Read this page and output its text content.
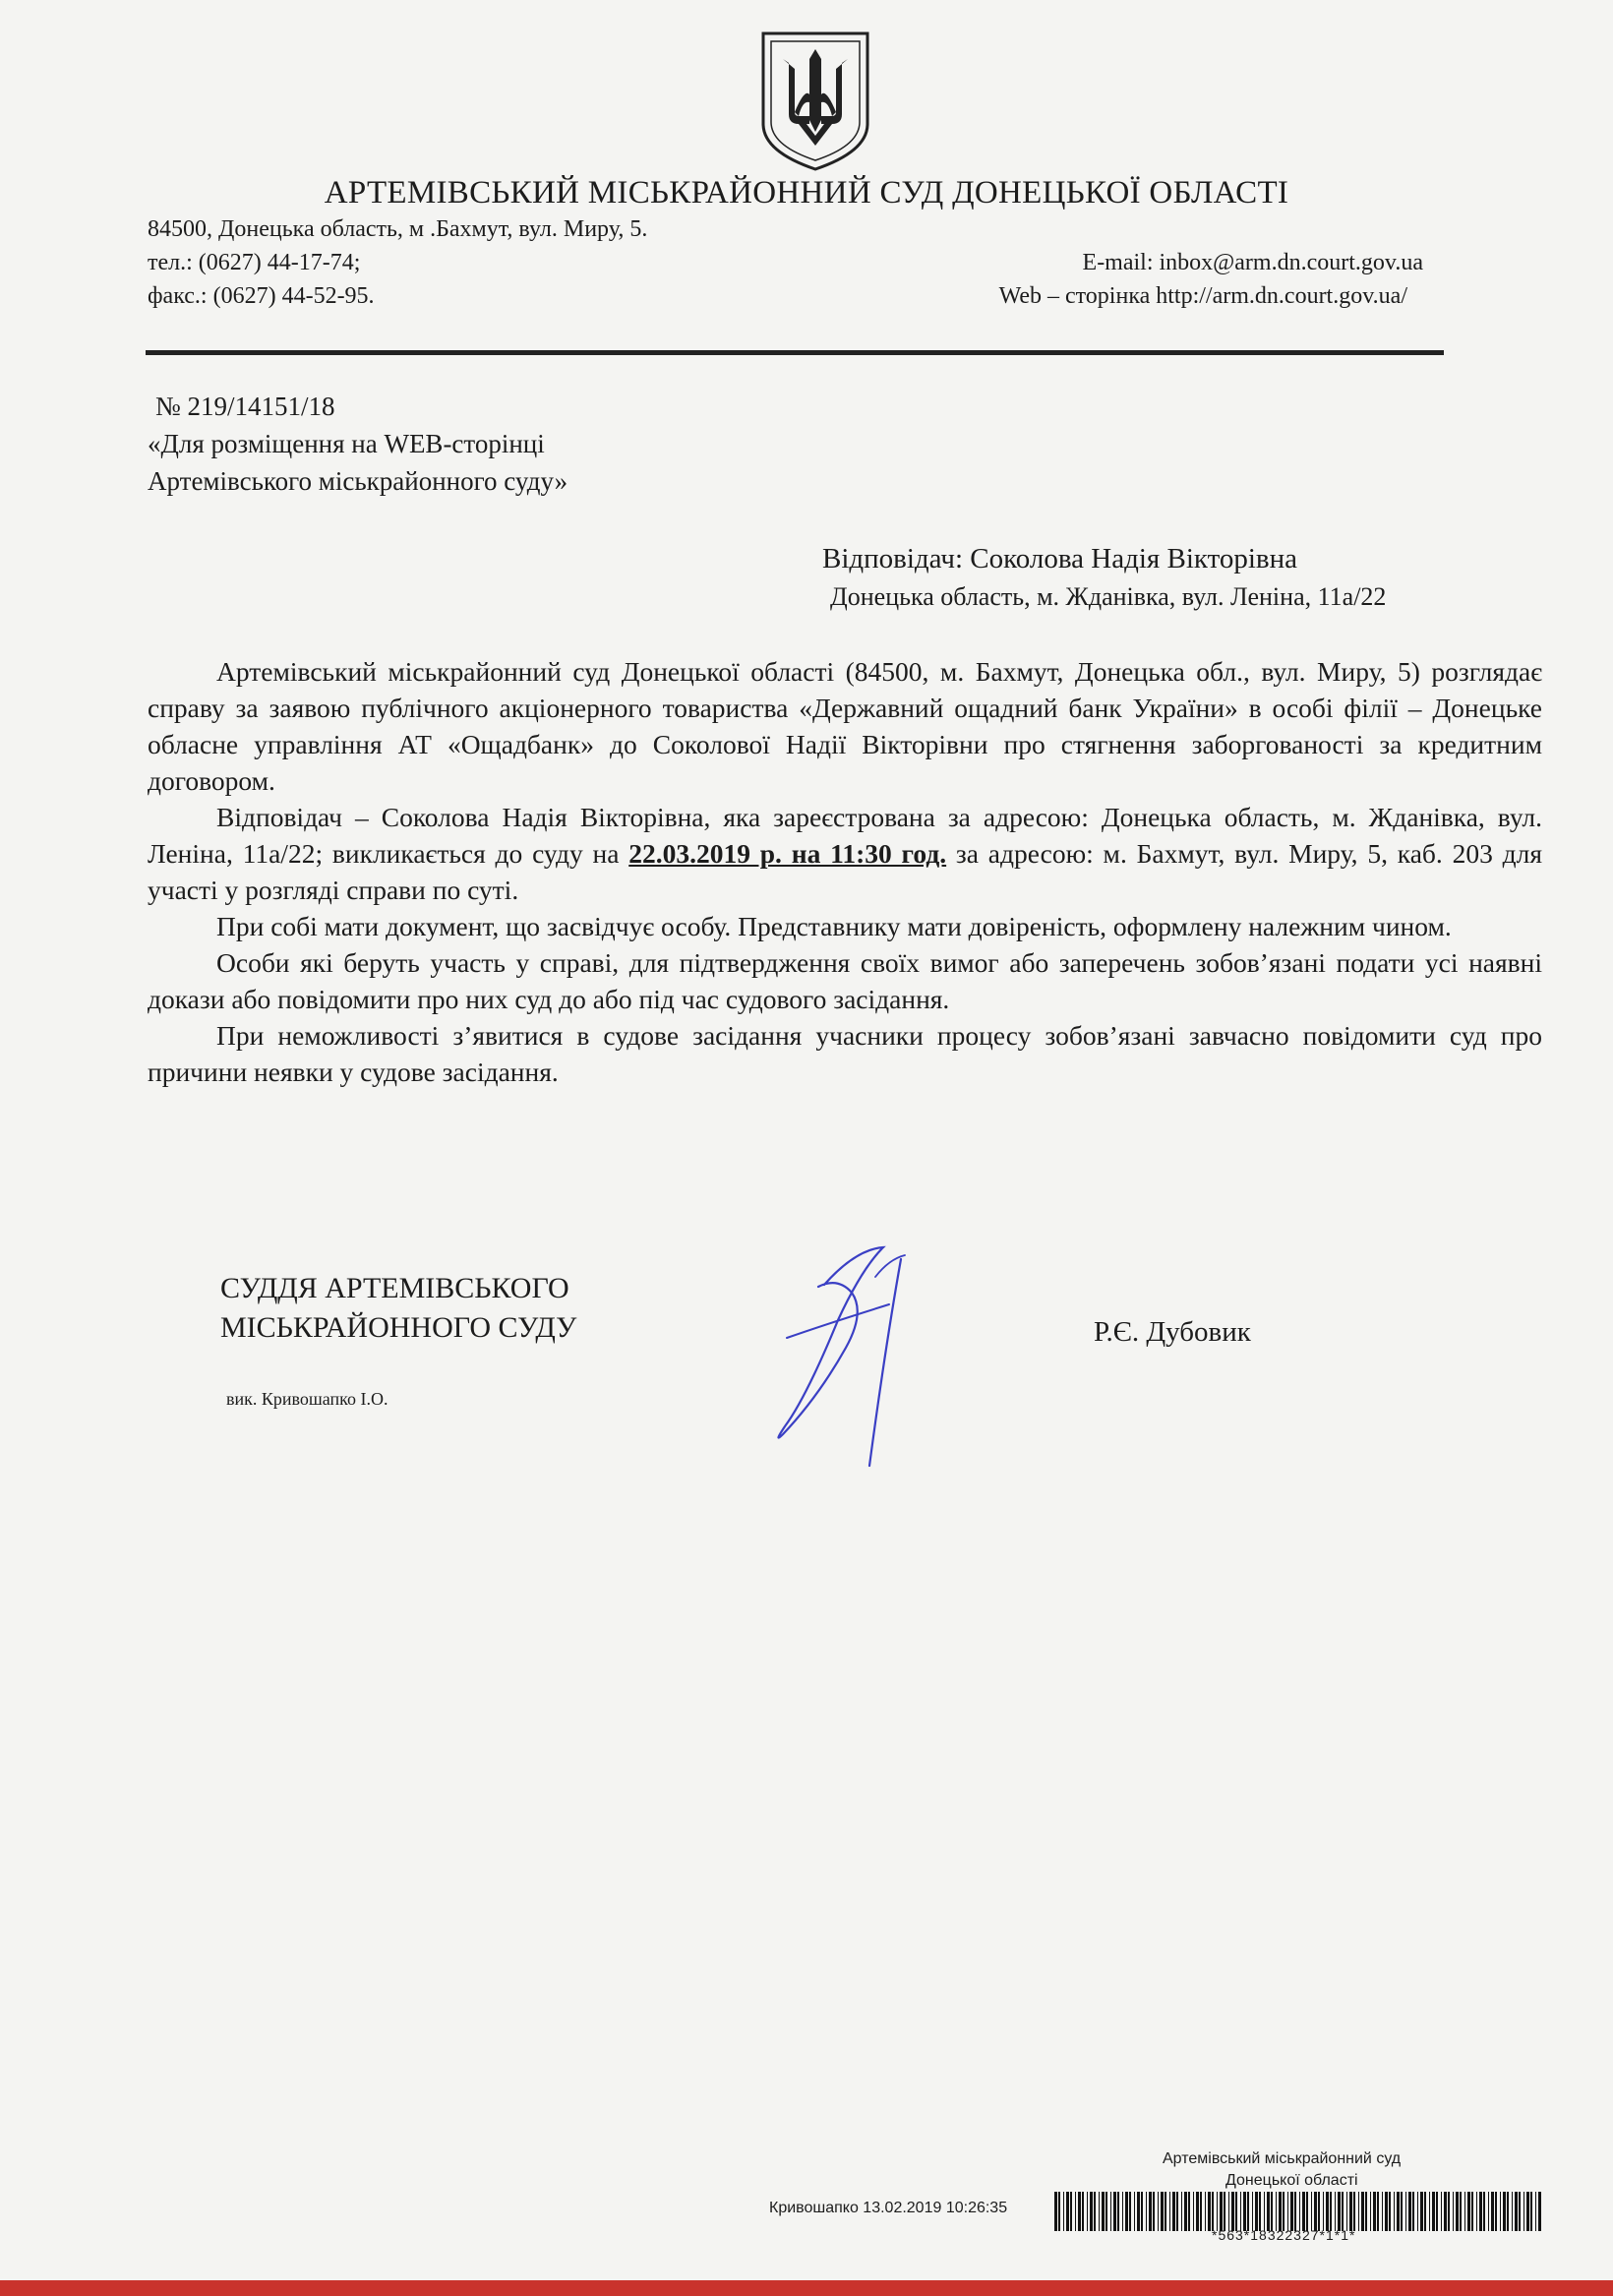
АРТЕМІВСЬКИЙ МІСЬКРАЙОННИЙ СУД ДОНЕЦЬКОЇ ОБЛАСТІ
84500, Донецька область, м .Бахмут, вул. Миру, 5.
тел.: (0627) 44-17-74;
факс.: (0627) 44-52-95.
E-mail: inbox@arm.dn.court.gov.ua
Web – сторінка http://arm.dn.court.gov.ua/
№ 219/14151/18
«Для розміщення на WEB-сторінці
Артемівського міськрайонного суду»
Відповідач: Соколова Надія Вікторівна
Донецька область, м. Жданівка, вул. Леніна, 11а/22

Артемівський міськрайонний суд Донецької області (84500, м. Бахмут, Донецька обл., вул. Миру, 5) розглядає справу за заявою публічного акціонерного товариства «Державний ощадний банк України» в особі філії – Донецьке обласне управління АТ «Ощадбанк» до Соколової Надії Вікторівни про стягнення заборгованості за кредитним договором.

Відповідач – Соколова Надія Вікторівна, яка зареєстрована за адресою: Донецька область, м. Жданівка, вул. Леніна, 11а/22; викликається до суду на 22.03.2019 р. на 11:30 год. за адресою: м. Бахмут, вул. Миру, 5, каб. 203 для участі у розгляді справи по суті.

При собі мати документ, що засвідчує особу. Представнику мати довіреність, оформлену належним чином.

Особи які беруть участь у справі, для підтвердження своїх вимог або заперечень зобов’язані подати усі наявні докази або повідомити про них суд до або під час судового засідання.

При неможливості з’явитися в судове засідання учасники процесу зобов’язані завчасно повідомити суд про причини неявки у судове засідання.

СУДДЯ АРТЕМІВСЬКОГО
МІСЬКРАЙОННОГО СУДУ	Р.Є. Дубовик
вик. Кривошапко І.О.
Артемівський міськрайонний суд
Донецької області
Кривошапко 13.02.2019 10:26:35
*563*18322327*1*1*
